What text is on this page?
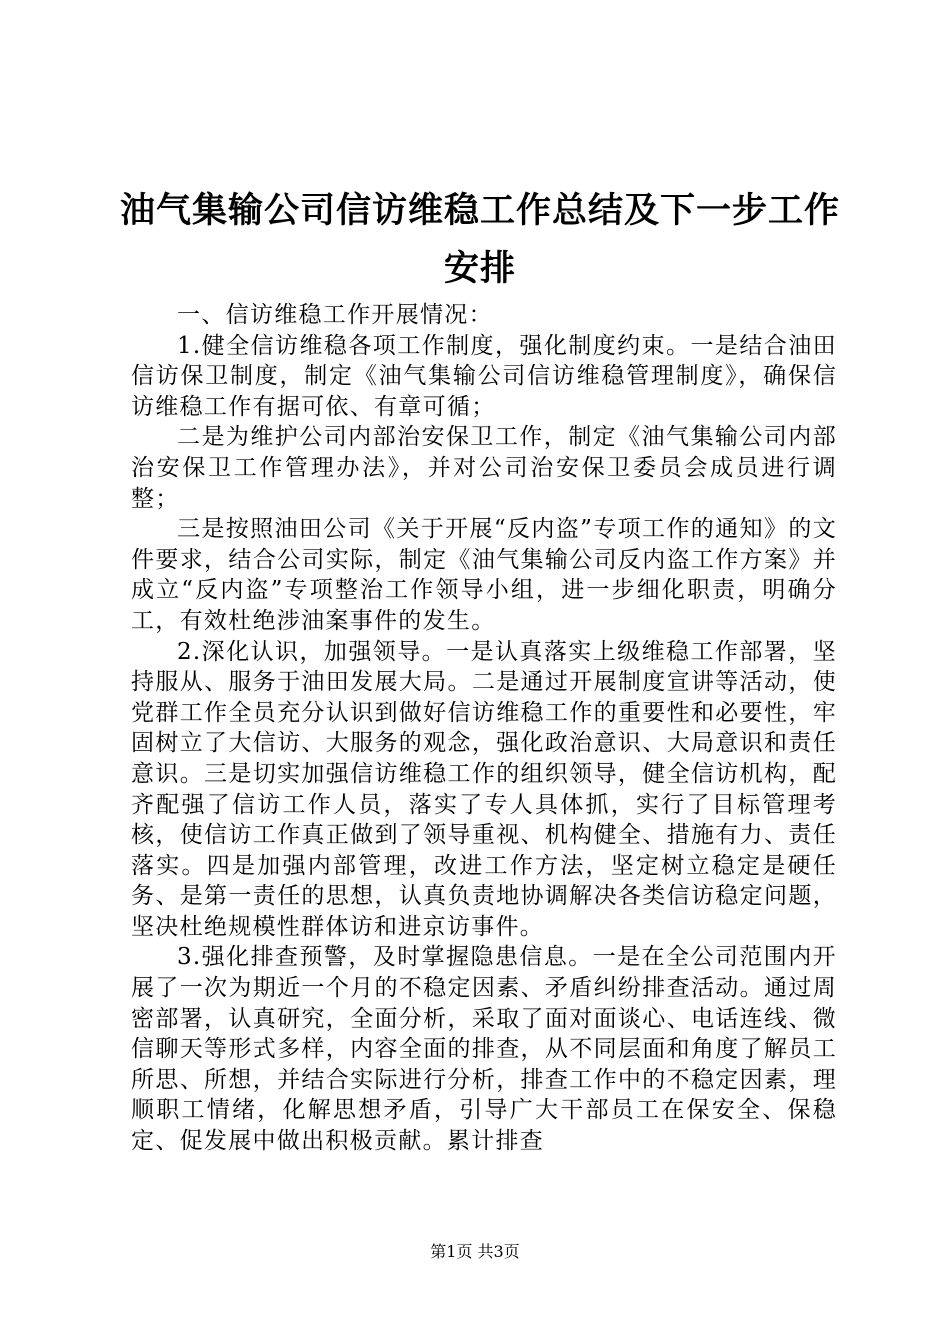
油气集输公司信访维稳工作总结及下一步工作安排

一、信访维稳工作开展情况：

1.健全信访维稳各项工作制度，强化制度约束。一是结合油田信访保卫制度，制定《油气集输公司信访维稳管理制度》，确保信访维稳工作有据可依、有章可循；

二是为维护公司内部治安保卫工作，制定《油气集输公司内部治安保卫工作管理办法》，并对公司治安保卫委员会成员进行调整；

三是按照油田公司《关于开展“反内盗”专项工作的通知》的文件要求，结合公司实际，制定《油气集输公司反内盗工作方案》并成立“反内盗”专项整治工作领导小组，进一步细化职责，明确分工，有效杜绝涉油案事件的发生。

2.深化认识，加强领导。一是认真落实上级维稳工作部署，坚持服从、服务于油田发展大局。二是通过开展制度宣讲等活动，使党群工作全员充分认识到做好信访维稳工作的重要性和必要性，牢固树立了大信访、大服务的观念，强化政治意识、大局意识和责任意识。三是切实加强信访维稳工作的组织领导，健全信访机构，配齐配强了信访工作人员，落实了专人具体抓，实行了目标管理考核，使信访工作真正做到了领导重视、机构健全、措施有力、责任落实。四是加强内部管理，改进工作方法，坚定树立稳定是硬任务、是第一责任的思想，认真负责地协调解决各类信访稳定问题，坚决杜绝规模性群体访和进京访事件。

3.强化排查预警，及时掌握隐患信息。一是在全公司范围内开展了一次为期近一个月的不稳定因素、矛盾纠纷排查活动。通过周密部署，认真研究，全面分析，采取了面对面谈心、电话连线、微信聊天等形式多样，内容全面的排查，从不同层面和角度了解员工所思、所想，并结合实际进行分析，排查工作中的不稳定因素，理顺职工情绪，化解思想矛盾，引导广大干部员工在保安全、保稳定、促发展中做出积极贡献。累计排查

第1页 共3页
